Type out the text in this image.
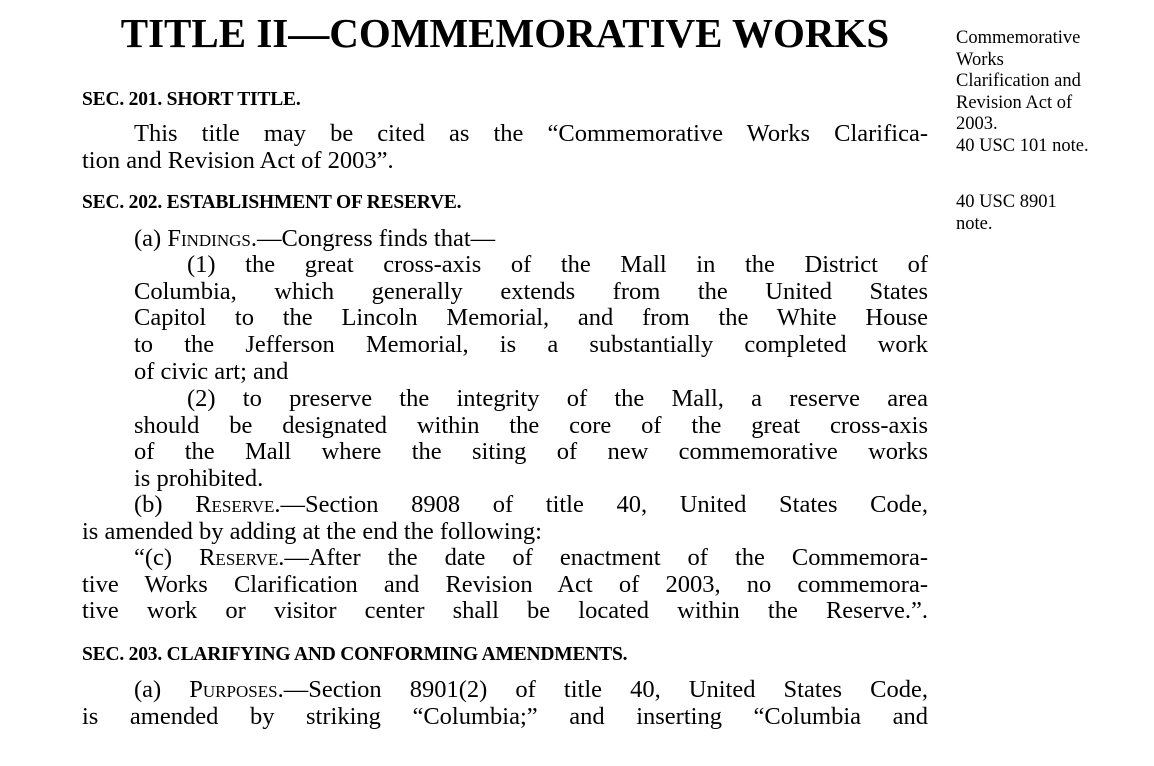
TITLE II—COMMEMORATIVE WORKS	Commemorative
Works
Clarification and
Revision Act of
2003.
40 USC 101 note.
40 USC 8901
note.
SEC. 201. SHORT TITLE.
This title may be cited as the “Commemorative Works Clarifica-
tion and Revision Act of 2003”.
SEC. 202. ESTABLISHMENT OF RESERVE.
(a) Findings.—Congress finds that—
(1) the great cross-axis of the Mall in the District of
Columbia, which generally extends from the United States
Capitol to the Lincoln Memorial, and from the White House
to the Jefferson Memorial, is a substantially completed work
of civic art; and
(2) to preserve the integrity of the Mall, a reserve area
should be designated within the core of the great cross-axis
of the Mall where the siting of new commemorative works
is prohibited.
(b) Reserve.—Section 8908 of title 40, United States Code,
is amended by adding at the end the following:
“(c) Reserve.—After the date of enactment of the Commemora-
tive Works Clarification and Revision Act of 2003, no commemora-
tive work or visitor center shall be located within the Reserve.”.
SEC. 203. CLARIFYING AND CONFORMING AMENDMENTS.
(a) Purposes.—Section 8901(2) of title 40, United States Code,
is amended by striking “Columbia;” and inserting “Columbia and
